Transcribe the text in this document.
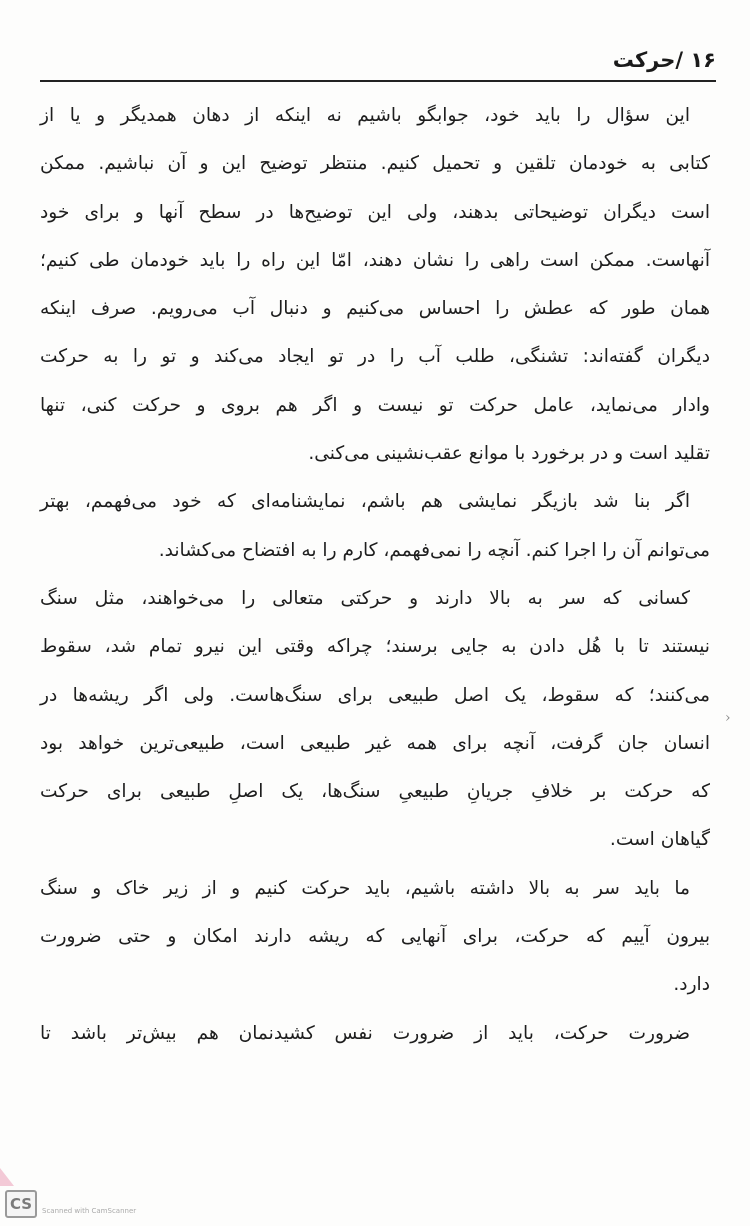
۱۶ /حرکت
این سؤال را باید خود، جوابگو باشیم نه اینکه از دهان همدیگر و یا از
کتابی به خودمان تلقین و تحمیل کنیم. منتظر توضیح این و آن نباشیم. ممکن
است دیگران توضیحاتی بدهند، ولی این توضیح‌ها در سطح آنها و برای خود
آنهاست. ممکن است راهی را نشان دهند، امّا این راه را باید خودمان طی کنیم؛
همان طور که عطش را احساس می‌کنیم و دنبال آب می‌رویم. صرف اینکه
دیگران گفته‌اند: تشنگی، طلب آب را در تو ایجاد می‌کند و تو را به حرکت
وادار می‌نماید، عامل حرکت تو نیست و اگر هم بروی و حرکت کنی، تنها
تقلید است و در برخورد با موانع عقب‌نشینی می‌کنی.
اگر بنا شد بازیگر نمایشی هم باشم، نمایشنامه‌ای که خود می‌فهمم، بهتر
می‌توانم آن را اجرا کنم. آنچه را نمی‌فهمم، کارم را به افتضاح می‌کشاند.
کسانی که سر به بالا دارند و حرکتی متعالی را می‌خواهند، مثل سنگ
نیستند تا با هُل دادن به جایی برسند؛ چراکه وقتی این نیرو تمام شد، سقوط
می‌کنند؛ که سقوط، یک اصل طبیعی برای سنگ‌هاست. ولی اگر ریشه‌ها در
انسان جان گرفت، آنچه برای همه غیر طبیعی است، طبیعی‌ترین خواهد بود
که حرکت بر خلافِ جریانِ طبیعیِ سنگ‌ها، یک اصلِ طبیعی برای حرکت
گیاهان است.
ما باید سر به بالا داشته باشیم، باید حرکت کنیم و از زیر خاک و سنگ
بیرون آییم که حرکت، برای آنهایی که ریشه دارند امکان و حتی ضرورت
دارد.
ضرورت حرکت، باید از ضرورت نفس کشیدنمان هم بیش‌تر باشد تا
›
CS	Scanned with CamScanner
